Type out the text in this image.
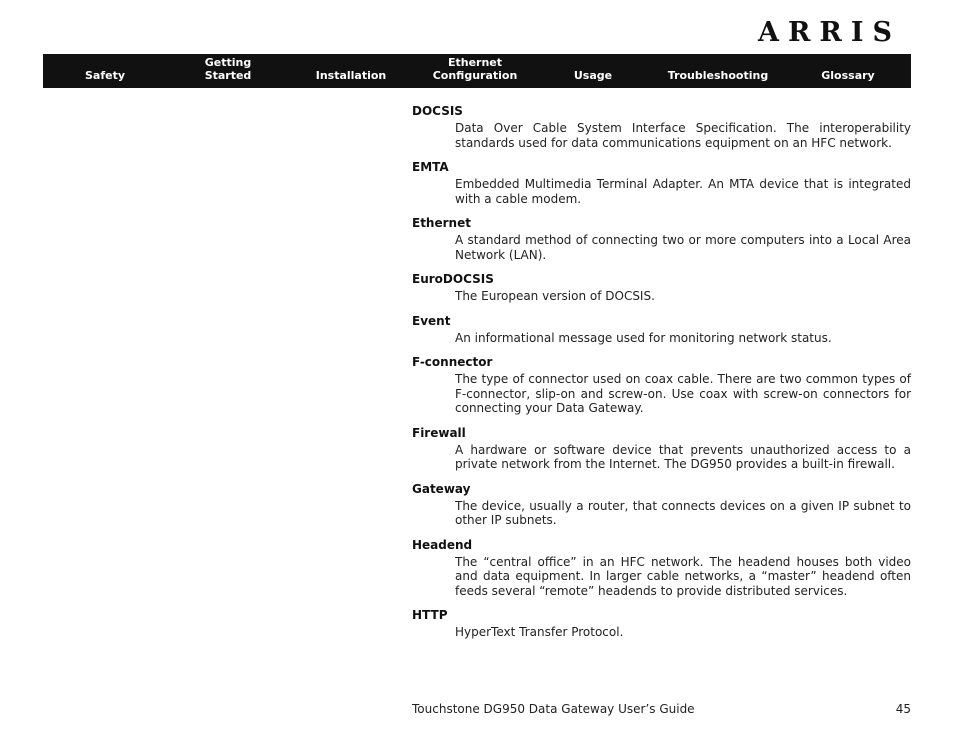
ARRIS
Safety
Getting
Started	Installation
Ethernet
Configuration	Usage	Troubleshooting	Glossary
DOCSIS
Data Over Cable System Interface Specification. The interoperability standards used for data communications equipment on an HFC network.
EMTA
Embedded Multimedia Terminal Adapter. An MTA device that is integrated with a cable modem.
Ethernet
A standard method of connecting two or more computers into a Local Area Network (LAN).
EuroDOCSIS
The European version of DOCSIS.
Event
An informational message used for monitoring network status.
F-connector
The type of connector used on coax cable. There are two common types of F-connector, slip-on and screw-on. Use coax with screw-on connectors for connecting your Data Gateway.
Firewall
A hardware or software device that prevents unauthorized access to a private network from the Internet. The DG950 provides a built-in firewall.
Gateway
The device, usually a router, that connects devices on a given IP subnet to other IP subnets.
Headend
The “central office” in an HFC network. The headend houses both video and data equipment. In larger cable networks, a “master” headend often feeds several “remote” headends to provide distributed services.
HTTP
HyperText Transfer Protocol.
Touchstone DG950 Data Gateway User’s Guide	45
